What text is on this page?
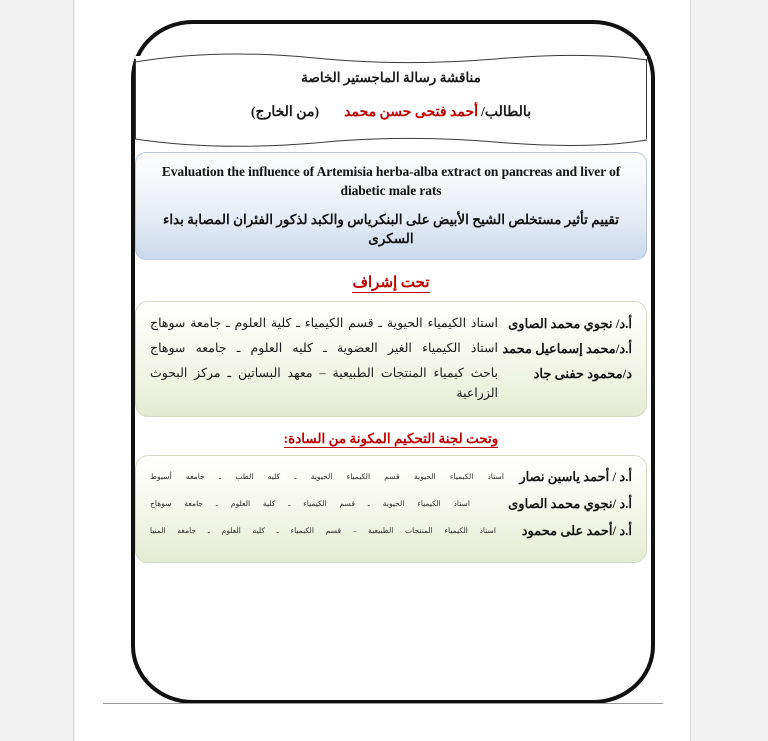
مناقشة رسالة الماجستير الخاصة
بالطالب/أحمد فتحى حسن محمد(من الخارج)
Evaluation the influence of Artemisia herba-alba extract on pancreas and liver of diabetic male rats
تقييم تأثير مستخلص الشيح الأبيض على البنكرياس والكبد لذكور الفئران المصابة بداء السكرى
تحت إشراف
أ.د/ نجوي محمد الصاوى
استاذ الكيمياء الحيوية ـ قسم الكيمياء ـ كلية العلوم ـ جامعة سوهاج
أ.د/محمد إسماعيل محمد
استاذ الكيمياء الغير العضوية ـ كليه العلوم ـ جامعه سوهاج
د/محمود حفنى جاد
باحث كيمياء المنتجات الطبيعية – معهد البساتين ـ مركز البحوث الزراعية
وتحت لجنة التحكيم المكونة من السادة:
أ.د / أحمد ياسين نصار
استاذ الكيمياء الحيوية قسم الكيمياء الحيوية ـ كليه الطب ـ جامعه أسيوط
أ.د /نجوي محمد الصاوى
استاذ الكيمياء الحيوية ـ قسم الكيمياء ـ كلية العلوم ـ جامعة سوهاج
أ.د /أحمد على محمود
استاذ الكيمياء المنتجات الطبيعية – قسم الكيمياء ـ كليه العلوم ـ جامعه المنيا
